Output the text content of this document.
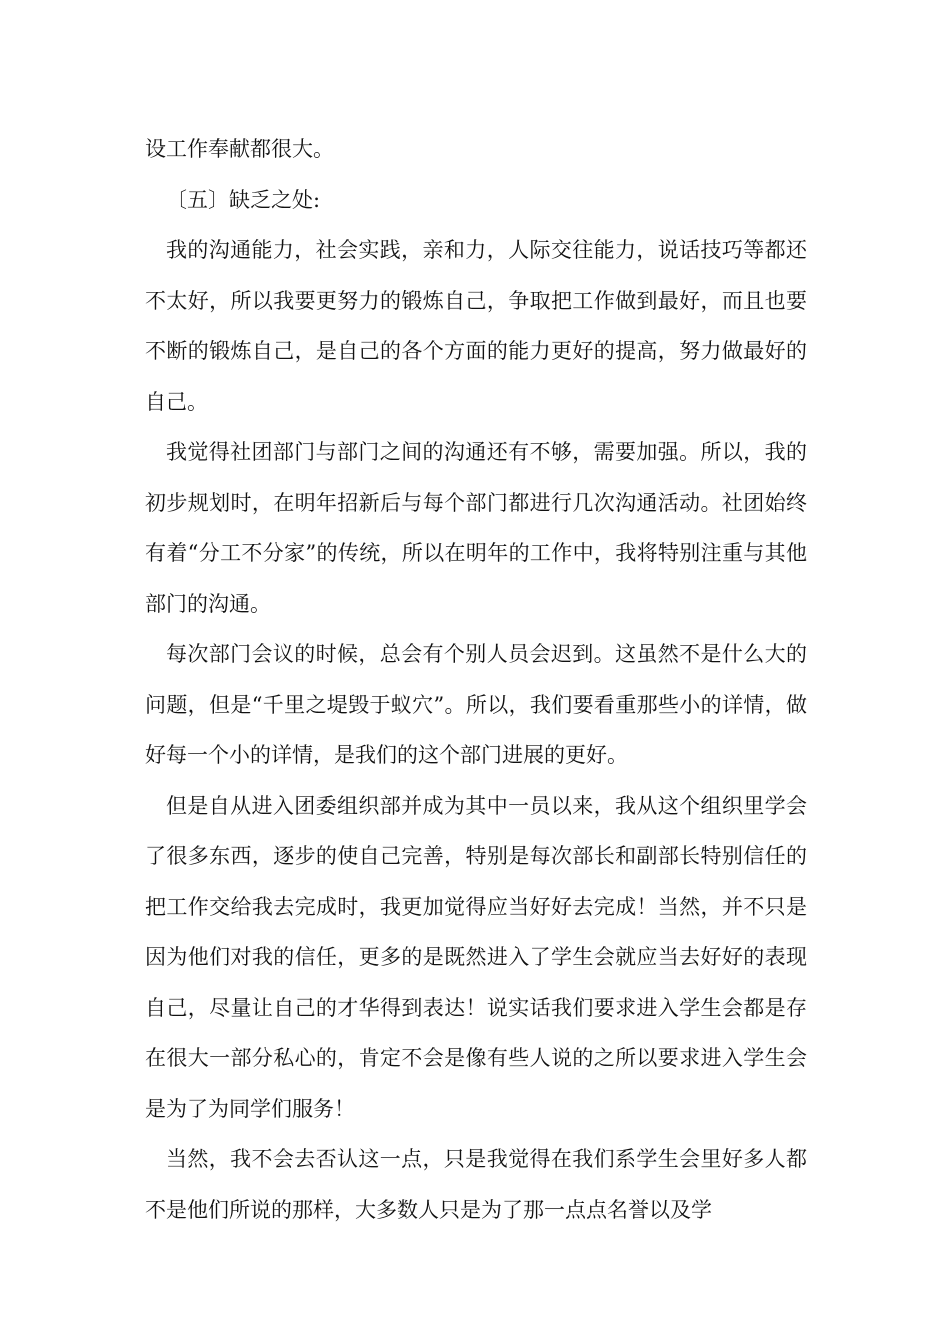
设工作奉献都很大。

〔五〕缺乏之处:

我的沟通能力，社会实践，亲和力，人际交往能力，说话技巧等都还不太好，所以我要更努力的锻炼自己，争取把工作做到最好，而且也要不断的锻炼自己，是自己的各个方面的能力更好的提高，努力做最好的自己。

我觉得社团部门与部门之间的沟通还有不够，需要加强。所以，我的初步规划时，在明年招新后与每个部门都进行几次沟通活动。社团始终有着“分工不分家”的传统，所以在明年的工作中，我将特别注重与其他部门的沟通。

每次部门会议的时候，总会有个别人员会迟到。这虽然不是什么大的问题，但是“千里之堤毁于蚁穴”。所以，我们要看重那些小的详情，做好每一个小的详情，是我们的这个部门进展的更好。

但是自从进入团委组织部并成为其中一员以来，我从这个组织里学会了很多东西，逐步的使自己完善，特别是每次部长和副部长特别信任的把工作交给我去完成时，我更加觉得应当好好去完成！当然，并不只是因为他们对我的信任，更多的是既然进入了学生会就应当去好好的表现自己，尽量让自己的才华得到表达！说实话我们要求进入学生会都是存在很大一部分私心的，肯定不会是像有些人说的之所以要求进入学生会是为了为同学们服务！

当然，我不会去否认这一点，只是我觉得在我们系学生会里好多人都不是他们所说的那样，大多数人只是为了那一点点名誉以及学
